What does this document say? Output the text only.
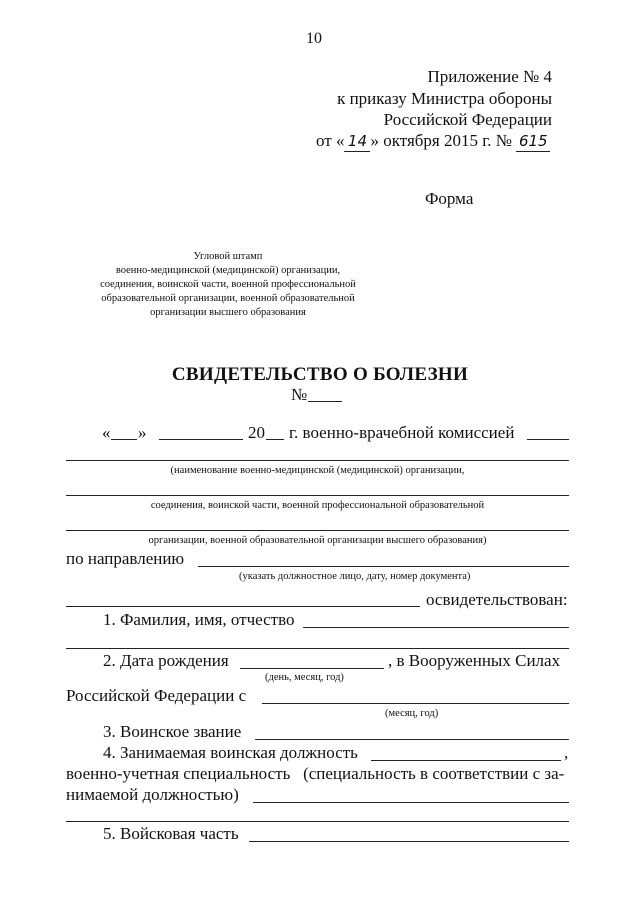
10
Приложение № 4
к приказу Министра обороны
Российской Федерации
от « 14 » октября 2015 г. № 615
Форма
Угловой штамп
военно-медицинской (медицинской) организации,
соединения, воинской части, военной профессиональной
образовательной организации, военной образовательной
организации высшего образования
СВИДЕТЕЛЬСТВО О БОЛЕЗНИ
№
« »	20 г. военно-врачебной комиссией
(наименование военно-медицинской (медицинской) организации,
соединения, воинской части, военной профессиональной образовательной
организации, военной образовательной организации высшего образования)
по направлению
(указать должностное лицо, дату, номер документа)
освидетельствован:
1. Фамилия, имя, отчество
2. Дата рождения	, в Вооруженных Силах
(день, месяц, год)
Российской Федерации с
(месяц, год)
3. Воинское звание
4. Занимаемая воинская должность	,
военно-учетная специальность   (специальность в соответствии с за-
нимаемой должностью)
5. Войсковая часть
